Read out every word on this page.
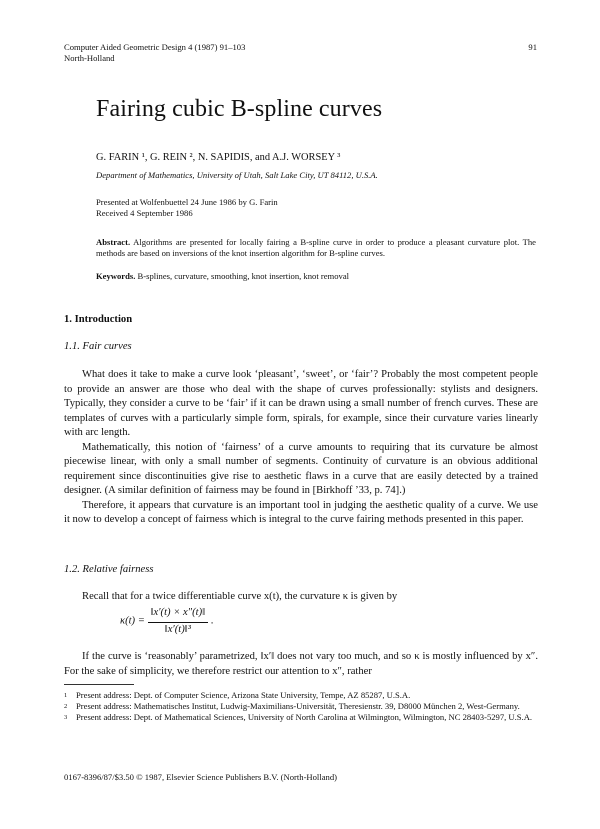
Computer Aided Geometric Design 4 (1987) 91–103
North-Holland
91
Fairing cubic B-spline curves
G. FARIN ¹, G. REIN ², N. SAPIDIS, and A.J. WORSEY ³
Department of Mathematics, University of Utah, Salt Lake City, UT 84112, U.S.A.
Presented at Wolfenbuettel 24 June 1986 by G. Farin
Received 4 September 1986
Abstract. Algorithms are presented for locally fairing a B-spline curve in order to produce a pleasant curvature plot. The methods are based on inversions of the knot insertion algorithm for B-spline curves.
Keywords. B-splines, curvature, smoothing, knot insertion, knot removal
1. Introduction
1.1. Fair curves

What does it take to make a curve look ‘pleasant’, ‘sweet’, or ‘fair’? Probably the most competent people to provide an answer are those who deal with the shape of curves professionally: stylists and designers. Typically, they consider a curve to be ‘fair’ if it can be drawn using a small number of french curves. These are templates of curves with a particularly simple form, spirals, for example, since their curvature varies linearly with arc length.

Mathematically, this notion of ‘fairness’ of a curve amounts to requiring that its curvature be almost piecewise linear, with only a small number of segments. Continuity of curvature is an obvious additional requirement since discontinuities give rise to aesthetic flaws in a curve that are easily detected by a trained designer. (A similar definition of fairness may be found in [Birkhoff ’33, p. 74].)

Therefore, it appears that curvature is an important tool in judging the aesthetic quality of a curve. We use it now to develop a concept of fairness which is integral to the curve fairing methods presented in this paper.

1.2. Relative fairness

Recall that for a twice differentiable curve x(t), the curvature κ is given by

$\kappa(t) = \frac{‖x'(t) \times x''(t)‖}{\text{‖x′(t)‖³}}$ .

If the curve is ‘reasonably’ parametrized, ‖x′‖ does not vary too much, and so κ is mostly influenced by x″. For the sake of simplicity, we therefore restrict our attention to x″, rather

1	Present address: Dept. of Computer Science, Arizona State University, Tempe, AZ 85287, U.S.A.
2	Present address: Mathematisches Institut, Ludwig-Maximilians-Universität, Theresienstr. 39, D8000 München 2, West-Germany.
3	Present address: Dept. of Mathematical Sciences, University of North Carolina at Wilmington, Wilmington, NC 28403-5297, U.S.A.
0167-8396/87/$3.50 © 1987, Elsevier Science Publishers B.V. (North-Holland)
